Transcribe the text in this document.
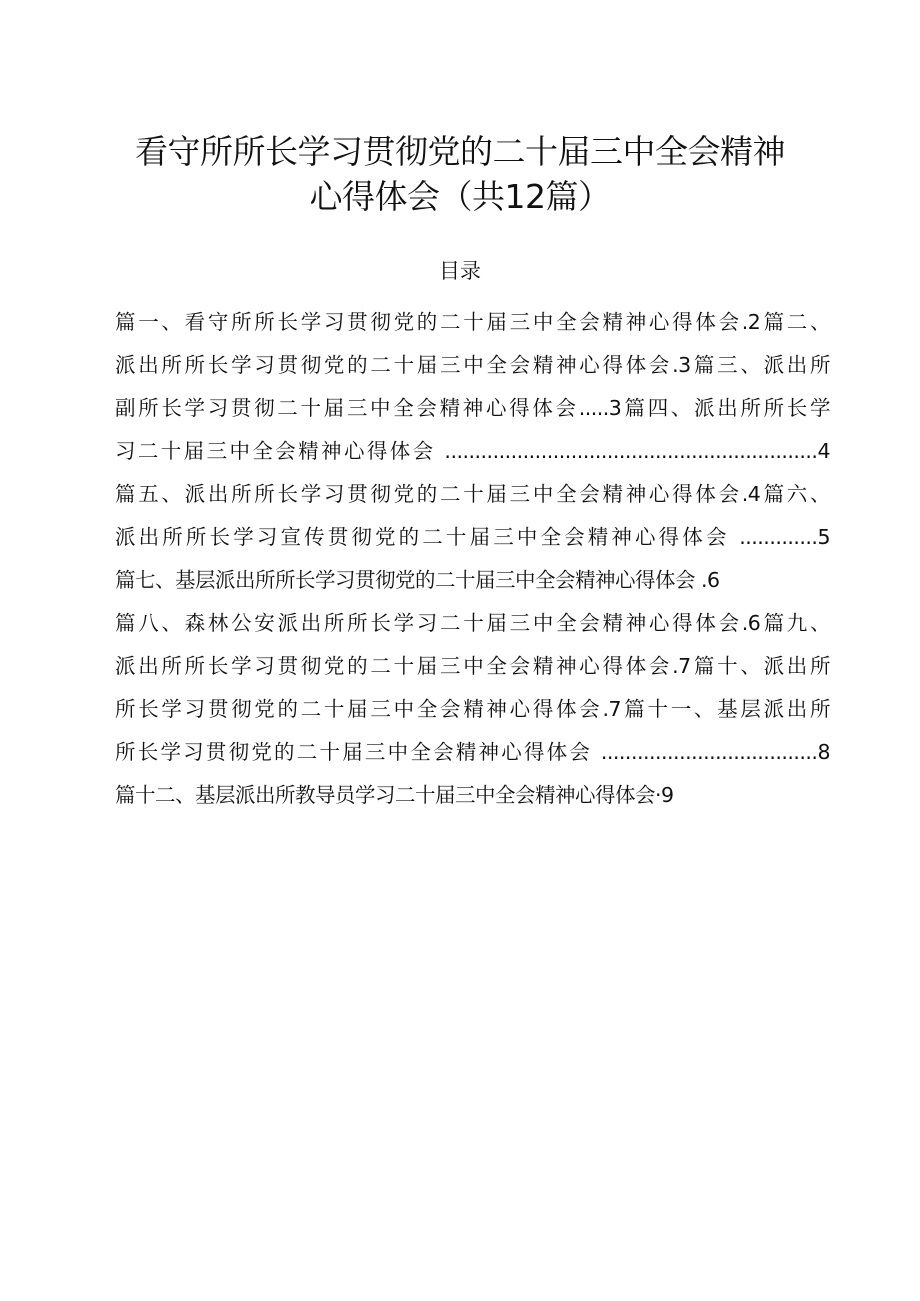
看守所所长学习贯彻党的二十届三中全会精神
心得体会（共12篇）
目录
篇一、看守所所长学习贯彻党的二十届三中全会精神心得体会.2篇二、
派出所所长学习贯彻党的二十届三中全会精神心得体会.3篇三、派出所
副所长学习贯彻二十届三中全会精神心得体会.....3篇四、派出所所长学
习二十届三中全会精神心得体会 ..............................................................4
篇五、派出所所长学习贯彻党的二十届三中全会精神心得体会.4篇六、
派出所所长学习宣传贯彻党的二十届三中全会精神心得体会 .............5
篇七、基层派出所所长学习贯彻党的二十届三中全会精神心得体会 .6
篇八、森林公安派出所所长学习二十届三中全会精神心得体会.6篇九、
派出所所长学习贯彻党的二十届三中全会精神心得体会.7篇十、派出所
所长学习贯彻党的二十届三中全会精神心得体会.7篇十一、基层派出所
所长学习贯彻党的二十届三中全会精神心得体会 ....................................8
篇十二、基层派出所教导员学习二十届三中全会精神心得体会·9
